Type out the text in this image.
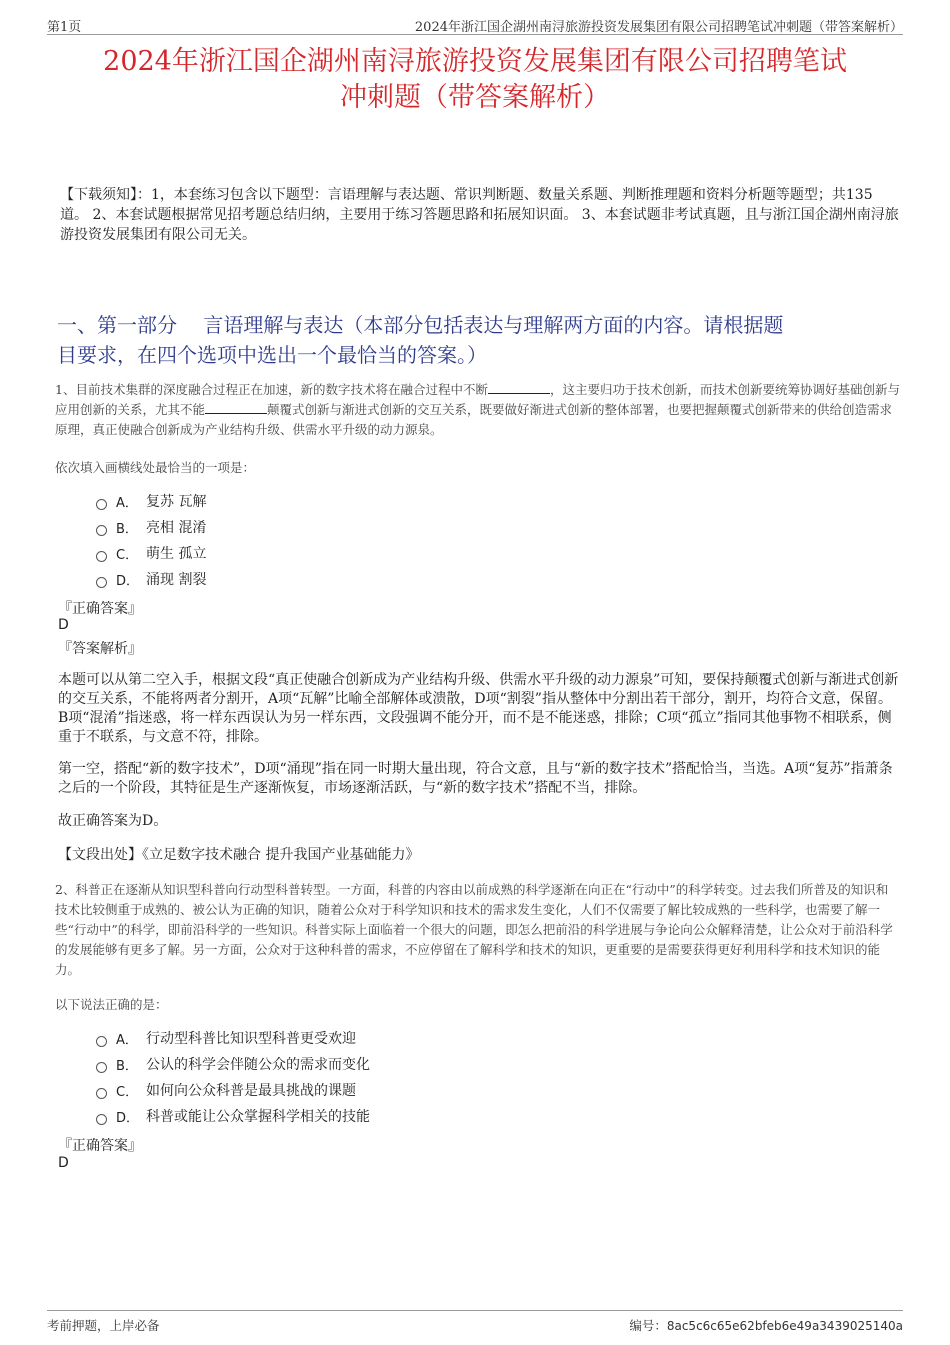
第1页	2024年浙江国企湖州南浔旅游投资发展集团有限公司招聘笔试冲刺题（带答案解析）
2024年浙江国企湖州南浔旅游投资发展集团有限公司招聘笔试
冲刺题（带答案解析）
【下载须知】：1，本套练习包含以下题型：言语理解与表达题、常识判断题、数量关系题、判断推理题和资料分析题等题型；共135道。 2、本套试题根据常见招考题总结归纳，主要用于练习答题思路和拓展知识面。 3、本套试题非考试真题，且与浙江国企湖州南浔旅游投资发展集团有限公司无关。
一、第一部分　 言语理解与表达（本部分包括表达与理解两方面的内容。请根据题
目要求，在四个选项中选出一个最恰当的答案。）
1、目前技术集群的深度融合过程正在加速，新的数字技术将在融合过程中不断	，这主要归功于技术创新，而技术创新要统筹协调好基础创新与应用创新的关系，尤其不能	颠覆式创新与渐进式创新的交互关系，既要做好渐进式创新的整体部署，也要把握颠覆式创新带来的供给创造需求原理，真正使融合创新成为产业结构升级、供需水平升级的动力源泉。
依次填入画横线处最恰当的一项是：
A． 复苏 瓦解
B． 亮相 混淆
C． 萌生 孤立
D． 涌现 割裂
『正确答案』
D
『答案解析』
本题可以从第二空入手，根据文段“真正使融合创新成为产业结构升级、供需水平升级的动力源泉”可知，要保持颠覆式创新与渐进式创新的交互关系，不能将两者分割开，A项“瓦解”比喻全部解体或溃散，D项“割裂”指从整体中分割出若干部分，割开，均符合文意，保留。B项“混淆”指迷惑，将一样东西误认为另一样东西，文段强调不能分开，而不是不能迷惑，排除；C项“孤立”指同其他事物不相联系，侧重于不联系，与文意不符，排除。
第一空，搭配“新的数字技术”，D项“涌现”指在同一时期大量出现，符合文意，且与“新的数字技术”搭配恰当，当选。A项“复苏”指萧条之后的一个阶段，其特征是生产逐渐恢复，市场逐渐活跃，与“新的数字技术”搭配不当，排除。
故正确答案为D。
【文段出处】《立足数字技术融合 提升我国产业基础能力》
2、科普正在逐渐从知识型科普向行动型科普转型。一方面，科普的内容由以前成熟的科学逐渐在向正在“行动中”的科学转变。过去我们所普及的知识和技术比较侧重于成熟的、被公认为正确的知识，随着公众对于科学知识和技术的需求发生变化，人们不仅需要了解比较成熟的一些科学，也需要了解一些“行动中”的科学，即前沿科学的一些知识。科普实际上面临着一个很大的问题，即怎么把前沿的科学进展与争论向公众解释清楚，让公众对于前沿科学的发展能够有更多了解。另一方面，公众对于这种科普的需求，不应停留在了解科学和技术的知识，更重要的是需要获得更好利用科学和技术知识的能力。
以下说法正确的是：
A． 行动型科普比知识型科普更受欢迎
B． 公认的科学会伴随公众的需求而变化
C． 如何向公众科普是最具挑战的课题
D． 科普或能让公众掌握科学相关的技能
『正确答案』
D
考前押题，上岸必备	编号：8ac5c6c65e62bfeb6e49a3439025140a
